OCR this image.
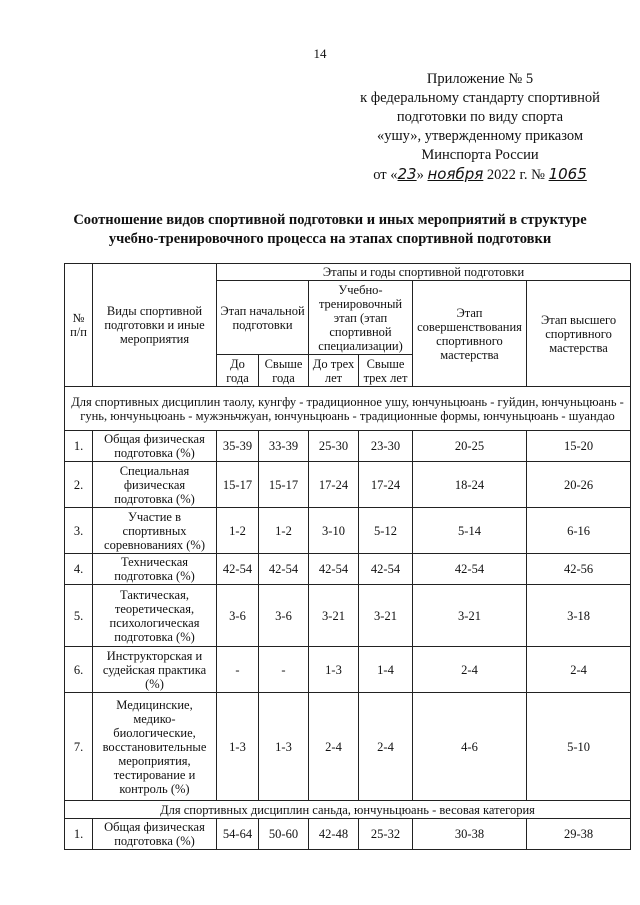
14
Приложение № 5
к федеральному стандарту спортивной
подготовки по виду спорта
«ушу», утвержденному приказом
Минспорта России
от «23» ноября 2022 г. № 1065
Соотношение видов спортивной подготовки и иных мероприятий в структуре
учебно-тренировочного процесса на этапах спортивной подготовки
№ п/п	Виды спортивной подготовки и иные мероприятия	Этапы и годы спортивной подготовки					
		Этап начальной подготовки		Учебно-тренировочный этап (этап спортивной специализации)		Этап совершенствования спортивного мастерства	Этап высшего спортивного мастерства
		До года	Свыше года	До трех лет	Свыше трех лет		
Для спортивных дисциплин таолу, кунгфу - традиционное ушу, юнчуньцюань - гуйдин, юнчуньцюань - гунь, юнчуньцюань - мужэньчжуан, юнчуньцюань - традиционные формы, юнчуньцюань - шуандао							
1.	Общая физическая подготовка (%)	35-39	33-39	25-30	23-30	20-25	15-20
2.	Специальная физическая подготовка (%)	15-17	15-17	17-24	17-24	18-24	20-26
3.	Участие в спортивных соревнованиях (%)	1-2	1-2	3-10	5-12	5-14	6-16
4.	Техническая подготовка (%)	42-54	42-54	42-54	42-54	42-54	42-56
5.	Тактическая, теоретическая, психологическая подготовка (%)	3-6	3-6	3-21	3-21	3-21	3-18
6.	Инструкторская и судейская практика (%)	-	-	1-3	1-4	2-4	2-4
7.	Медицинские, медико-биологические, восстановительные мероприятия, тестирование и контроль (%)	1-3	1-3	2-4	2-4	4-6	5-10
Для спортивных дисциплин саньда, юнчуньцюань - весовая категория							
1.	Общая физическая подготовка (%)	54-64	50-60	42-48	25-32	30-38	29-38
